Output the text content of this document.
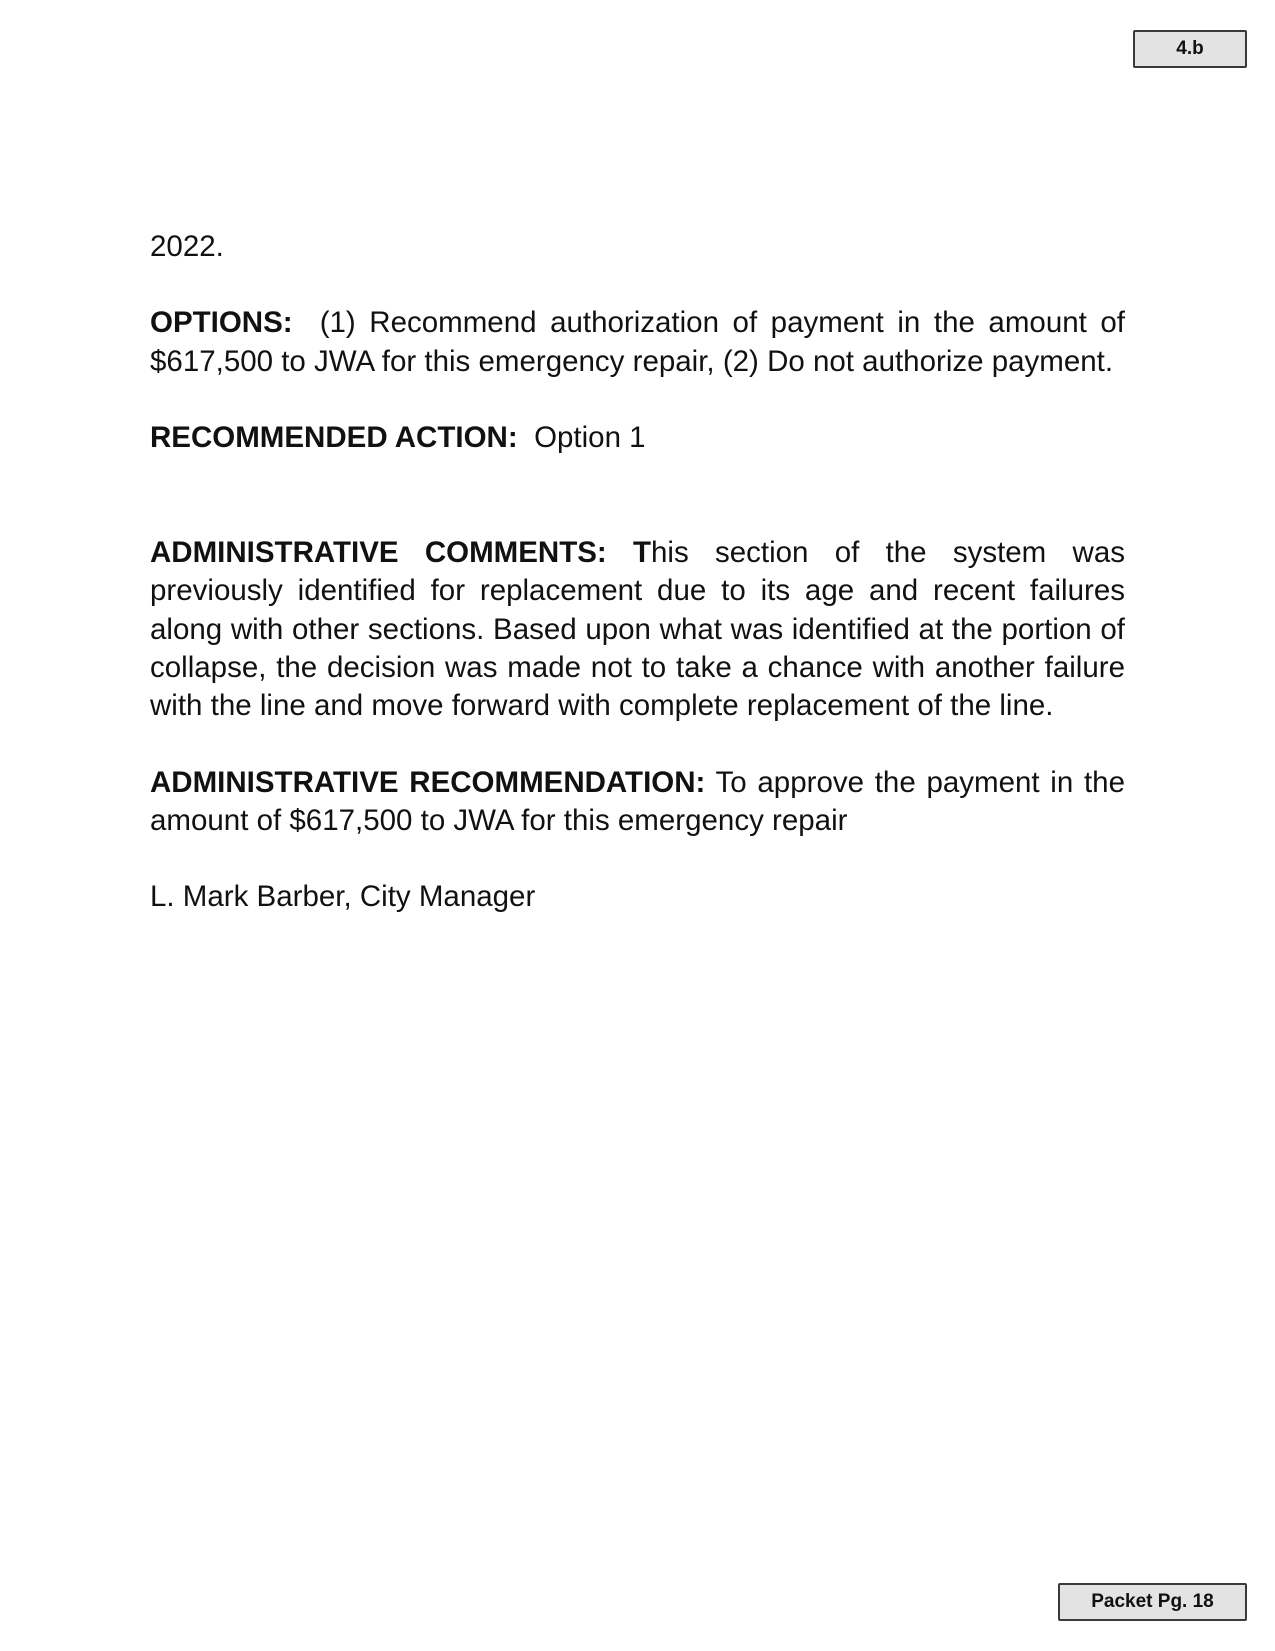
4.b

2022.

OPTIONS: (1) Recommend authorization of payment in the amount of $617,500 to JWA for this emergency repair, (2) Do not authorize payment.

RECOMMENDED ACTION: Option 1

ADMINISTRATIVE COMMENTS: This section of the system was previously identified for replacement due to its age and recent failures along with other sections. Based upon what was identified at the portion of collapse, the decision was made not to take a chance with another failure with the line and move forward with complete replacement of the line.

ADMINISTRATIVE RECOMMENDATION: To approve the payment in the amount of $617,500 to JWA for this emergency repair

L. Mark Barber, City Manager

Packet Pg. 18
